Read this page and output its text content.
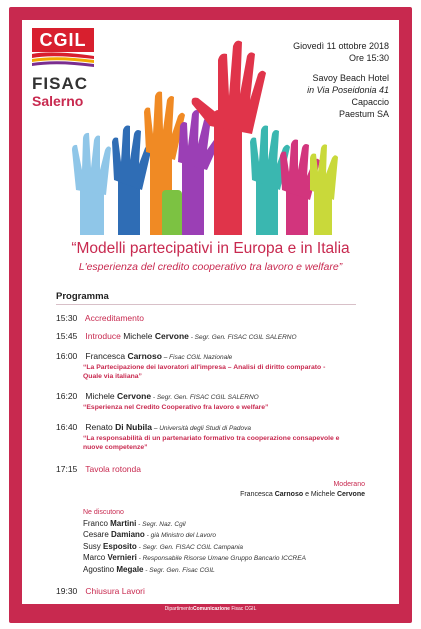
CGIL
FISAC
Salerno
Giovedì 11 ottobre 2018
Ore 15:30
Savoy Beach Hotel
in Via Poseidonia 41
Capaccio
Paestum SA
“Modelli partecipativi in Europa e in Italia
L'esperienza del credito cooperativo tra lavoro e welfare”
Programma
15:30 Accreditamento
15:45 Introduce Michele Cervone - Segr. Gen. FISAC CGIL SALERNO
16:00 Francesca Carnoso – Fisac CGIL Nazionale
“La Partecipazione dei lavoratori all'impresa – Analisi di diritto comparato - Quale via italiana”
16:20 Michele Cervone - Segr. Gen. FISAC CGIL SALERNO
“Esperienza nel Credito Cooperativo fra lavoro e welfare”
16:40 Renato Di Nubila – Università degli Studi di Padova
“La responsabilità di un partenariato formativo tra cooperazione consapevole e nuove competenze”
17:15 Tavola rotonda
Moderano
Francesca Carnoso e Michele Cervone
Ne discutono
Franco Martini - Segr. Naz. Cgil
Cesare Damiano - già Ministro del Lavoro
Susy Esposito - Segr. Gen. FISAC CGIL Campania
Marco Vernieri - Responsabile Risorse Umane Gruppo Bancario ICCREA
Agostino Megale - Segr. Gen. Fisac CGIL
19:30 Chiusura Lavori
DipartimentoComunicazione Fisac CGIL
